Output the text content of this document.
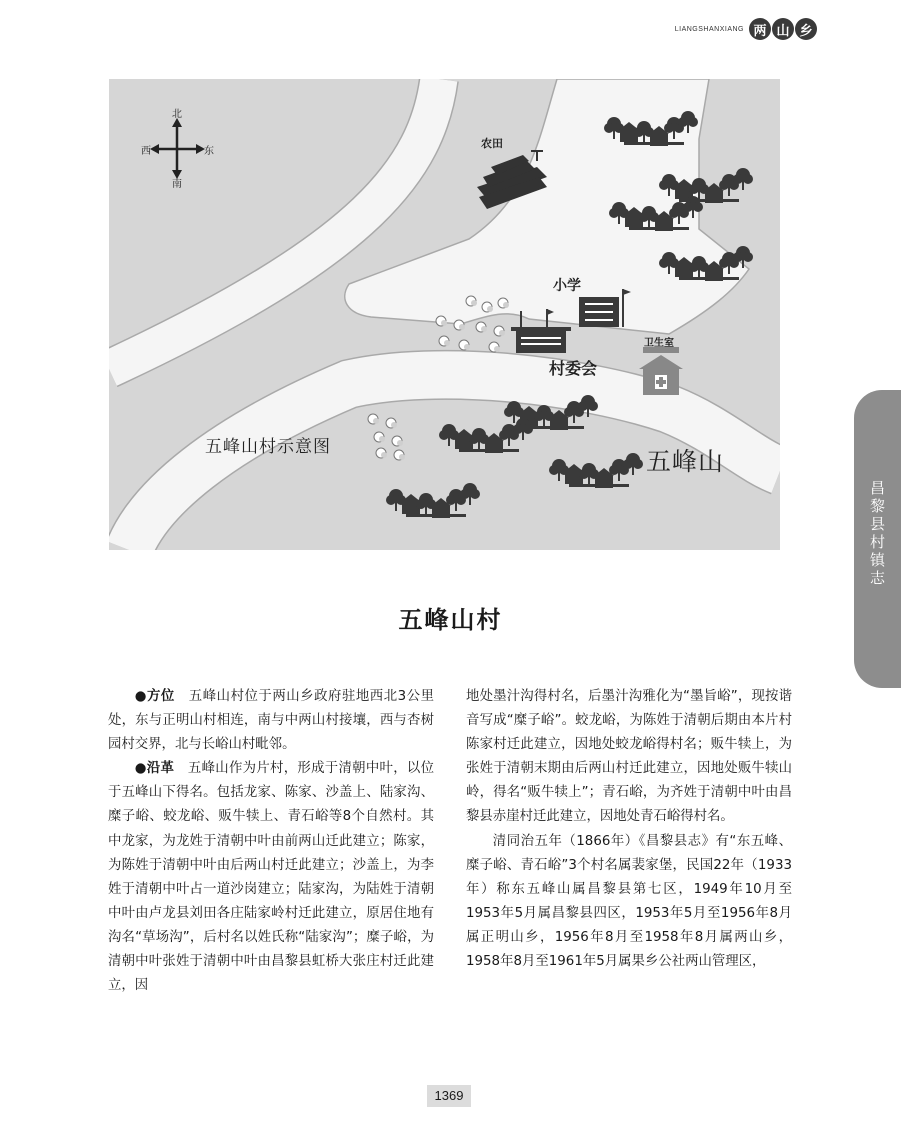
LIANGSHANXIANG 两 山 乡
昌黎县村镇志
北
南
东
西
农田
小学
村委会
卫生室
五峰山村示意图	五峰山
五峰山村

●方位　 五峰山村位于两山乡政府驻地西北3公里处，东与正明山村相连，南与中两山村接壤，西与杏树园村交界，北与长峪山村毗邻。

●沿革　 五峰山作为片村，形成于清朝中叶，以位于五峰山下得名。包括龙家、陈家、沙盖上、陆家沟、糜子峪、蛟龙峪、贩牛犊上、青石峪等8个自然村。其中龙家，为龙姓于清朝中叶由前两山迁此建立；陈家，为陈姓于清朝中叶由后两山村迁此建立；沙盖上，为李姓于清朝中叶占一道沙岗建立；陆家沟，为陆姓于清朝中叶由卢龙县刘田各庄陆家岭村迁此建立，原居住地有沟名“草场沟”，后村名以姓氏称“陆家沟”；糜子峪，为清朝中叶张姓于清朝中叶由昌黎县虹桥大张庄村迁此建立，因

地处墨汁沟得村名，后墨汁沟雅化为“墨旨峪”，现按谐音写成“糜子峪”。蛟龙峪，为陈姓于清朝后期由本片村陈家村迁此建立，因地处蛟龙峪得村名；贩牛犊上，为张姓于清朝末期由后两山村迁此建立，因地处贩牛犊山岭，得名“贩牛犊上”；青石峪，为齐姓于清朝中叶由昌黎县赤崖村迁此建立，因地处青石峪得村名。

清同治五年（1866年）《昌黎县志》有“东五峰、糜子峪、青石峪”3个村名属裴家堡，民国22年（1933年）称东五峰山属昌黎县第七区，1949年10月至1953年5月属昌黎县四区，1953年5月至1956年8月属正明山乡，1956年8月至1958年8月属两山乡，1958年8月至1961年5月属果乡公社两山管理区，

1369
